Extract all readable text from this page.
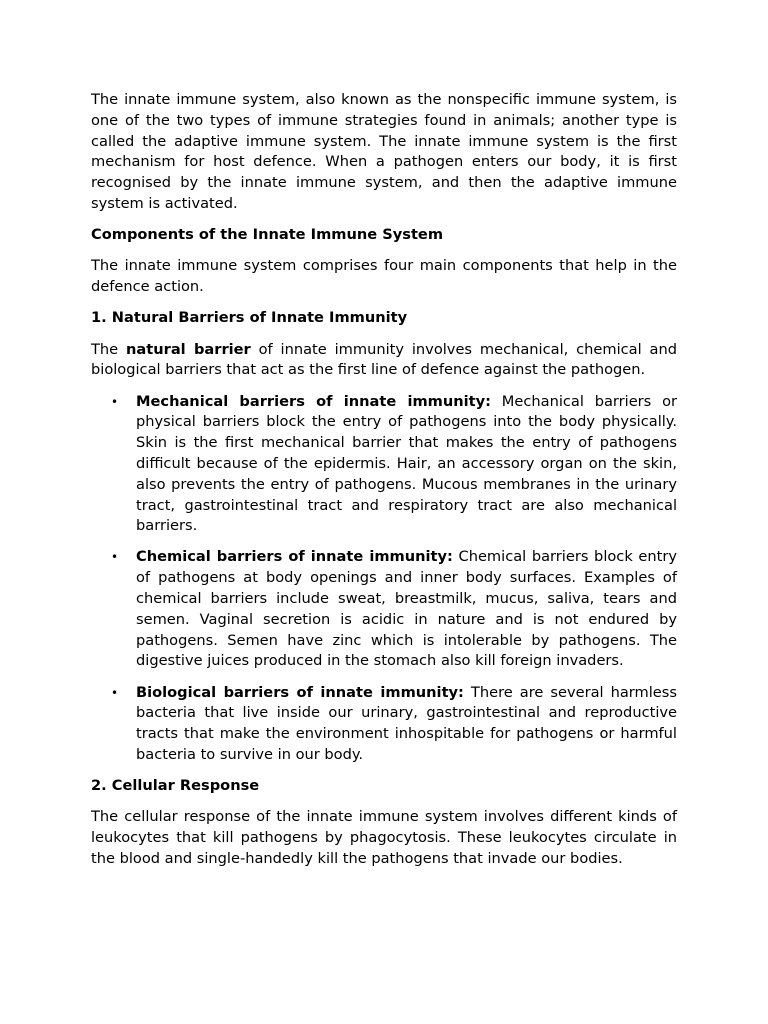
The innate immune system, also known as the nonspecific immune system, is one of the two types of immune strategies found in animals; another type is called the adaptive immune system. The innate immune system is the first mechanism for host defence. When a pathogen enters our body, it is first recognised by the innate immune system, and then the adaptive immune system is activated.

Components of the Innate Immune System

The innate immune system comprises four main components that help in the defence action.

1. Natural Barriers of Innate Immunity

The natural barrier of innate immunity involves mechanical, chemical and biological barriers that act as the first line of defence against the pathogen.

• Mechanical barriers of innate immunity: Mechanical barriers or physical barriers block the entry of pathogens into the body physically. Skin is the first mechanical barrier that makes the entry of pathogens difficult because of the epidermis. Hair, an accessory organ on the skin, also prevents the entry of pathogens. Mucous membranes in the urinary tract, gastrointestinal tract and respiratory tract are also mechanical barriers.
• Chemical barriers of innate immunity: Chemical barriers block entry of pathogens at body openings and inner body surfaces. Examples of chemical barriers include sweat, breastmilk, mucus, saliva, tears and semen. Vaginal secretion is acidic in nature and is not endured by pathogens. Semen have zinc which is intolerable by pathogens. The digestive juices produced in the stomach also kill foreign invaders.
• Biological barriers of innate immunity: There are several harmless bacteria that live inside our urinary, gastrointestinal and reproductive tracts that make the environment inhospitable for pathogens or harmful bacteria to survive in our body.
2. Cellular Response

The cellular response of the innate immune system involves different kinds of leukocytes that kill pathogens by phagocytosis. These leukocytes circulate in the blood and single-handedly kill the pathogens that invade our bodies.
